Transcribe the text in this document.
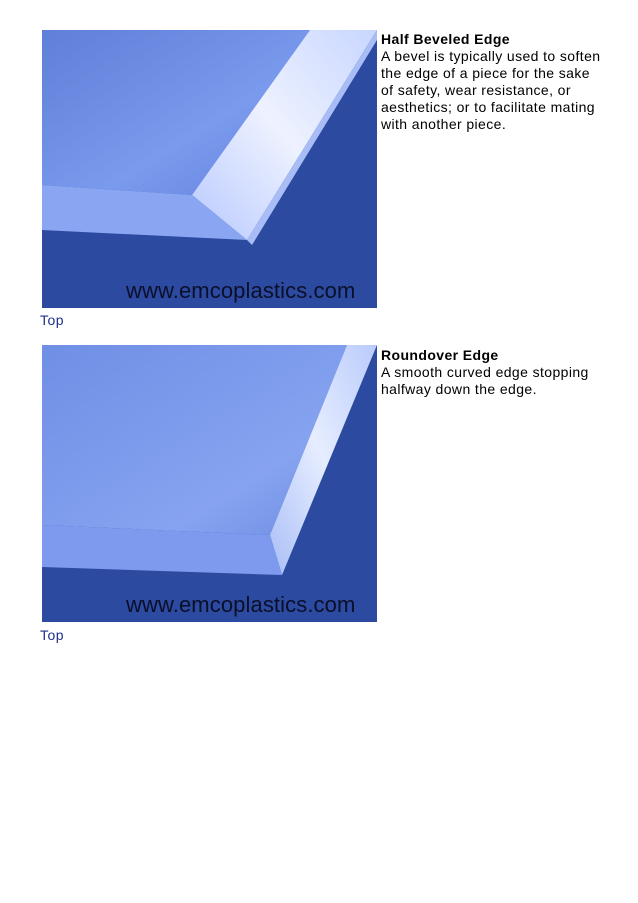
www.emcoplastics.com
Half Beveled Edge
A bevel is typically used to soften the edge of a piece for the sake of safety, wear resistance, or aesthetics; or to facilitate mating with another piece.
Top
www.emcoplastics.com
Roundover Edge
A smooth curved edge stopping halfway down the edge.
Top
